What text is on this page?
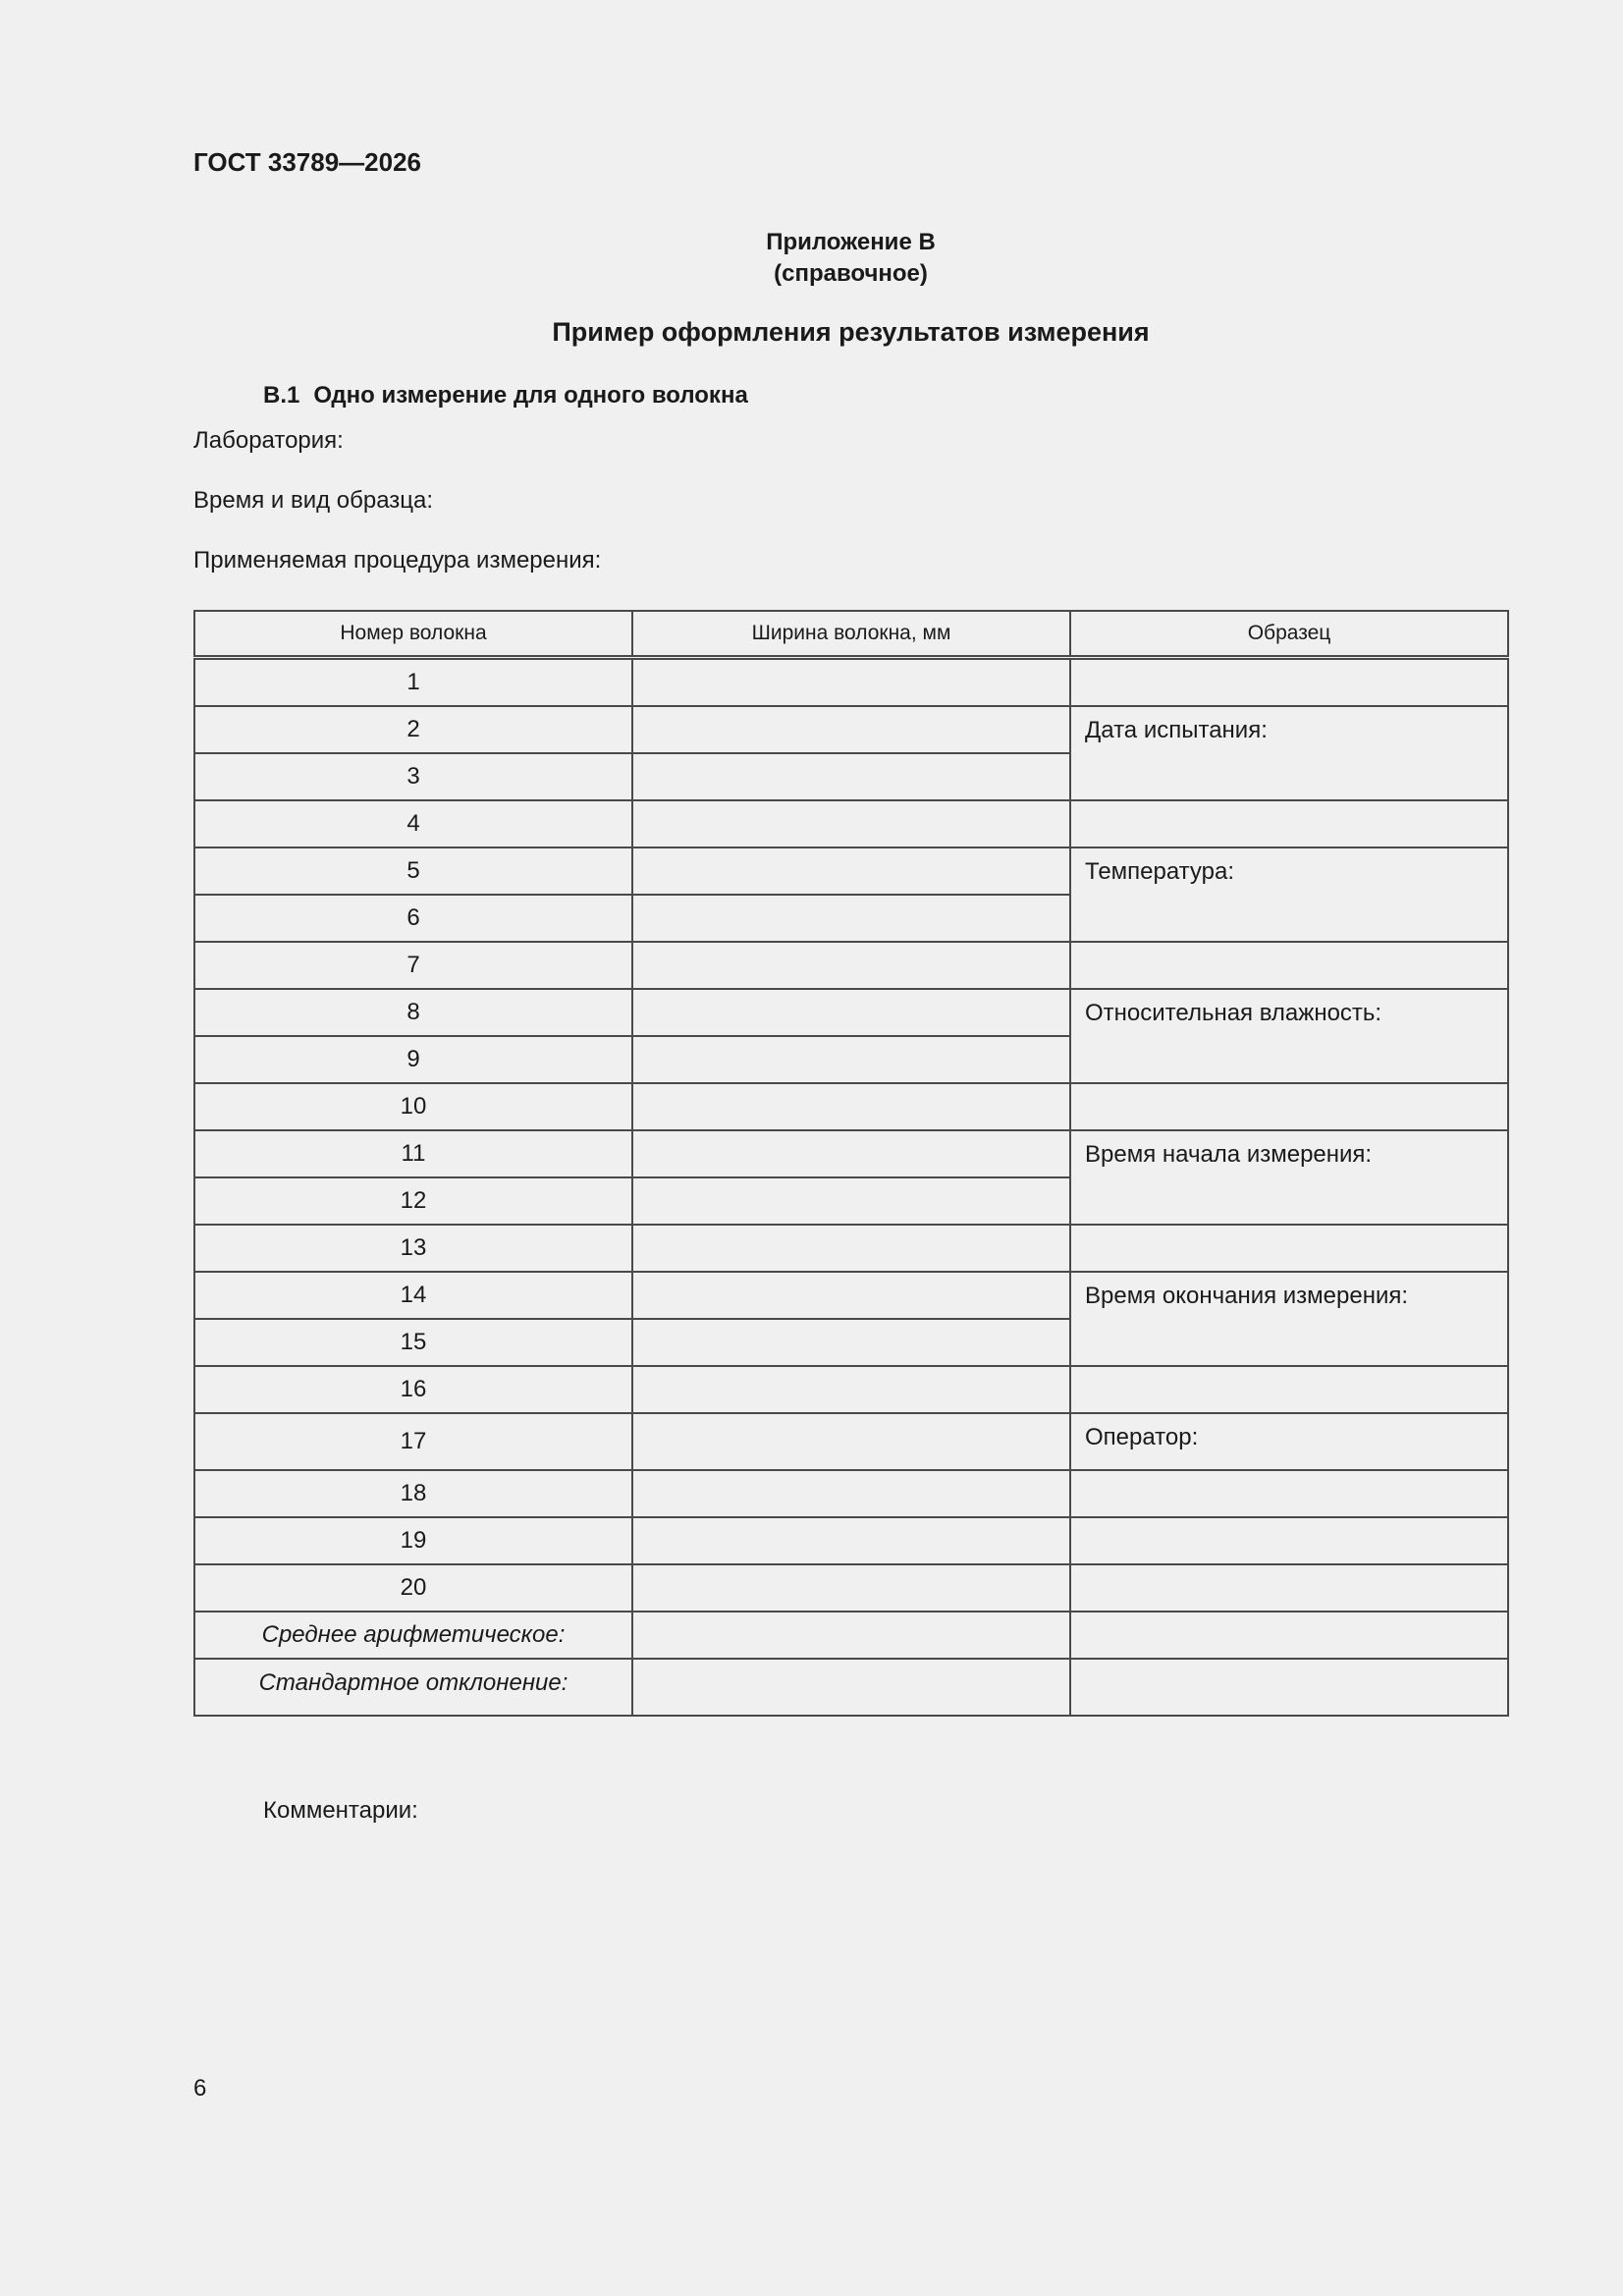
ГОСТ 33789—2026
Приложение В
(справочное)
Пример оформления результатов измерения
В.1 Одно измерение для одного волокна
Лаборатория:
Время и вид образца:
Применяемая процедура измерения:
Номер волокна	Ширина волокна, мм	Образец
1		
2		Дата испытания:
3		
4		
5		Температура:
6		
7		
8		Относительная влажность:
9		
10		
11		Время начала измерения:
12		
13		
14		Время окончания измерения:
15		
16		
17		Оператор:
18		
19		
20		
Среднее арифметическое:		
Стандартное отклонение:		
Комментарии:
6
